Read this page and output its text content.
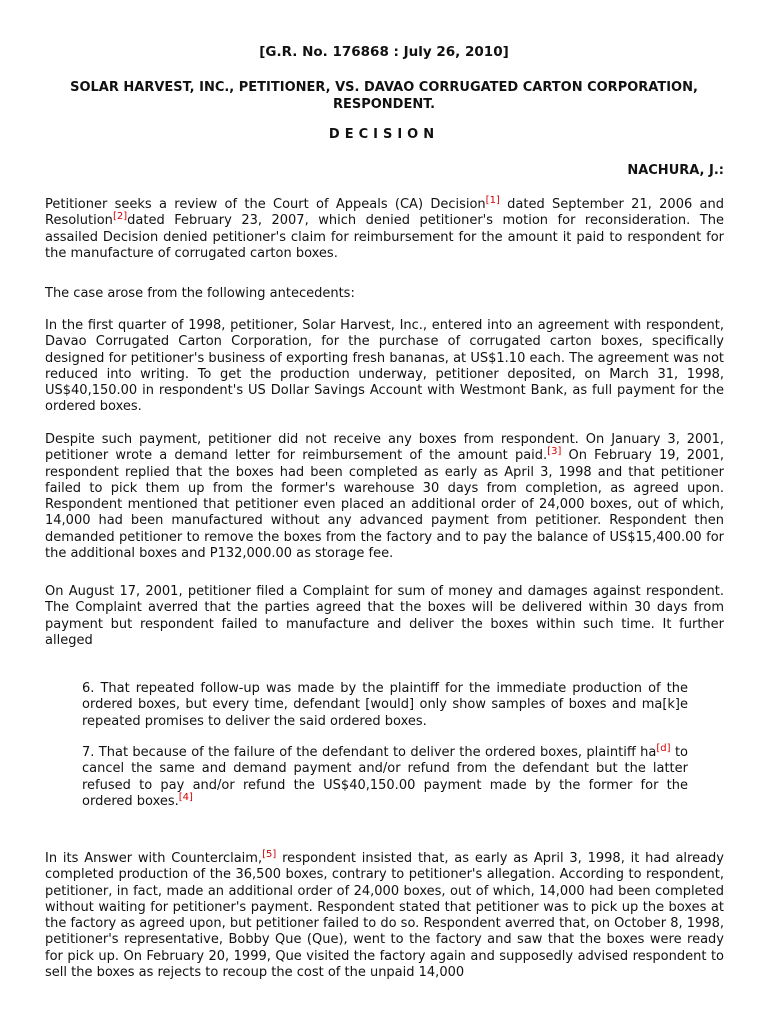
[G.R. No. 176868 : July 26, 2010]
SOLAR HARVEST, INC., PETITIONER, VS. DAVAO CORRUGATED CARTON CORPORATION, RESPONDENT.
DECISION
NACHURA, J.:
Petitioner seeks a review of the Court of Appeals (CA) Decision [ $^1$ ] dated September 21, 2006 and Resolution [ $^2$ ] dated February 23, 2007, which denied petitioner's motion for reconsideration. The assailed Decision denied petitioner's claim for reimbursement for the amount it paid to respondent for the manufacture of corrugated carton boxes.
The case arose from the following antecedents:
In the first quarter of 1998, petitioner, Solar Harvest, Inc., entered into an agreement with respondent, Davao Corrugated Carton Corporation, for the purchase of corrugated carton boxes, specifically designed for petitioner's business of exporting fresh bananas, at US$1.10 each. The agreement was not reduced into writing. To get the production underway, petitioner deposited, on March 31, 1998, US$40,150.00 in respondent's US Dollar Savings Account with Westmont Bank, as full payment for the ordered boxes.
Despite such payment, petitioner did not receive any boxes from respondent. On January 3, 2001, petitioner wrote a demand letter for reimbursement of the amount paid. [ $^3$ ] On February 19, 2001, respondent replied that the boxes had been completed as early as April 3, 1998 and that petitioner failed to pick them up from the former's warehouse 30 days from completion, as agreed upon. Respondent mentioned that petitioner even placed an additional order of 24,000 boxes, out of which, 14,000 had been manufactured without any advanced payment from petitioner. Respondent then demanded petitioner to remove the boxes from the factory and to pay the balance of US$15,400.00 for the additional boxes and P132,000.00 as storage fee.
On August 17, 2001, petitioner filed a Complaint for sum of money and damages against respondent. The Complaint averred that the parties agreed that the boxes will be delivered within 30 days from payment but respondent failed to manufacture and deliver the boxes within such time. It further alleged
6. That repeated follow-up was made by the plaintiff for the immediate production of the ordered boxes, but every time, defendant [would] only show samples of boxes and ma[k]e repeated promises to deliver the said ordered boxes.
7. That because of the failure of the defendant to deliver the ordered boxes, plaintiff ha [ $^d$ ] to cancel the same and demand payment and/or refund from the defendant but the latter refused to pay and/or refund the US$40,150.00 payment made by the former for the ordered boxes. [ $^4$ ]
In its Answer with Counterclaim, [ $^5$ ] respondent insisted that, as early as April 3, 1998, it had already completed production of the 36,500 boxes, contrary to petitioner's allegation. According to respondent, petitioner, in fact, made an additional order of 24,000 boxes, out of which, 14,000 had been completed without waiting for petitioner's payment. Respondent stated that petitioner was to pick up the boxes at the factory as agreed upon, but petitioner failed to do so. Respondent averred that, on October 8, 1998, petitioner's representative, Bobby Que (Que), went to the factory and saw that the boxes were ready for pick up. On February 20, 1999, Que visited the factory again and supposedly advised respondent to sell the boxes as rejects to recoup the cost of the unpaid 14,000
